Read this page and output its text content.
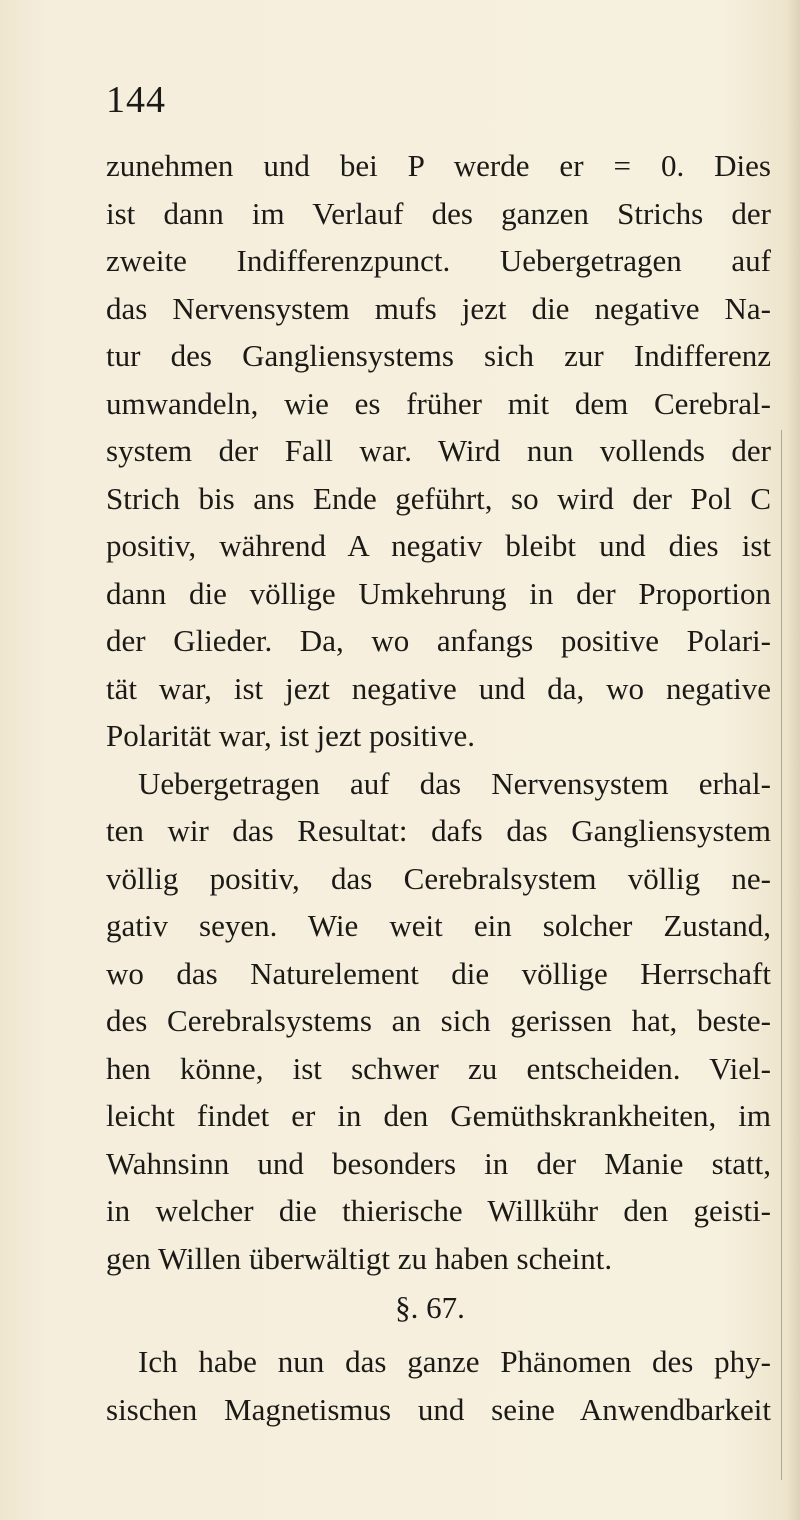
144
zunehmen und bei P werde er = 0. Dies
ist dann im Verlauf des ganzen Strichs der
zweite Indifferenzpunct. Uebergetragen auf
das Nervensystem mufs jezt die negative Na-
tur des Gangliensystems sich zur Indifferenz
umwandeln, wie es früher mit dem Cerebral-
system der Fall war. Wird nun vollends der
Strich bis ans Ende geführt, so wird der Pol C
positiv, während A negativ bleibt und dies ist
dann die völlige Umkehrung in der Proportion
der Glieder. Da, wo anfangs positive Polari-
tät war, ist jezt negative und da, wo negative
Polarität war, ist jezt positive.
Uebergetragen auf das Nervensystem erhal-
ten wir das Resultat: dafs das Gangliensystem
völlig positiv, das Cerebralsystem völlig ne-
gativ seyen. Wie weit ein solcher Zustand,
wo das Naturelement die völlige Herrschaft
des Cerebralsystems an sich gerissen hat, beste-
hen könne, ist schwer zu entscheiden. Viel-
leicht findet er in den Gemüthskrankheiten, im
Wahnsinn und besonders in der Manie statt,
in welcher die thierische Willkühr den geisti-
gen Willen überwältigt zu haben scheint.
§. 67.
Ich habe nun das ganze Phänomen des phy-
sischen Magnetismus und seine Anwendbarkeit
